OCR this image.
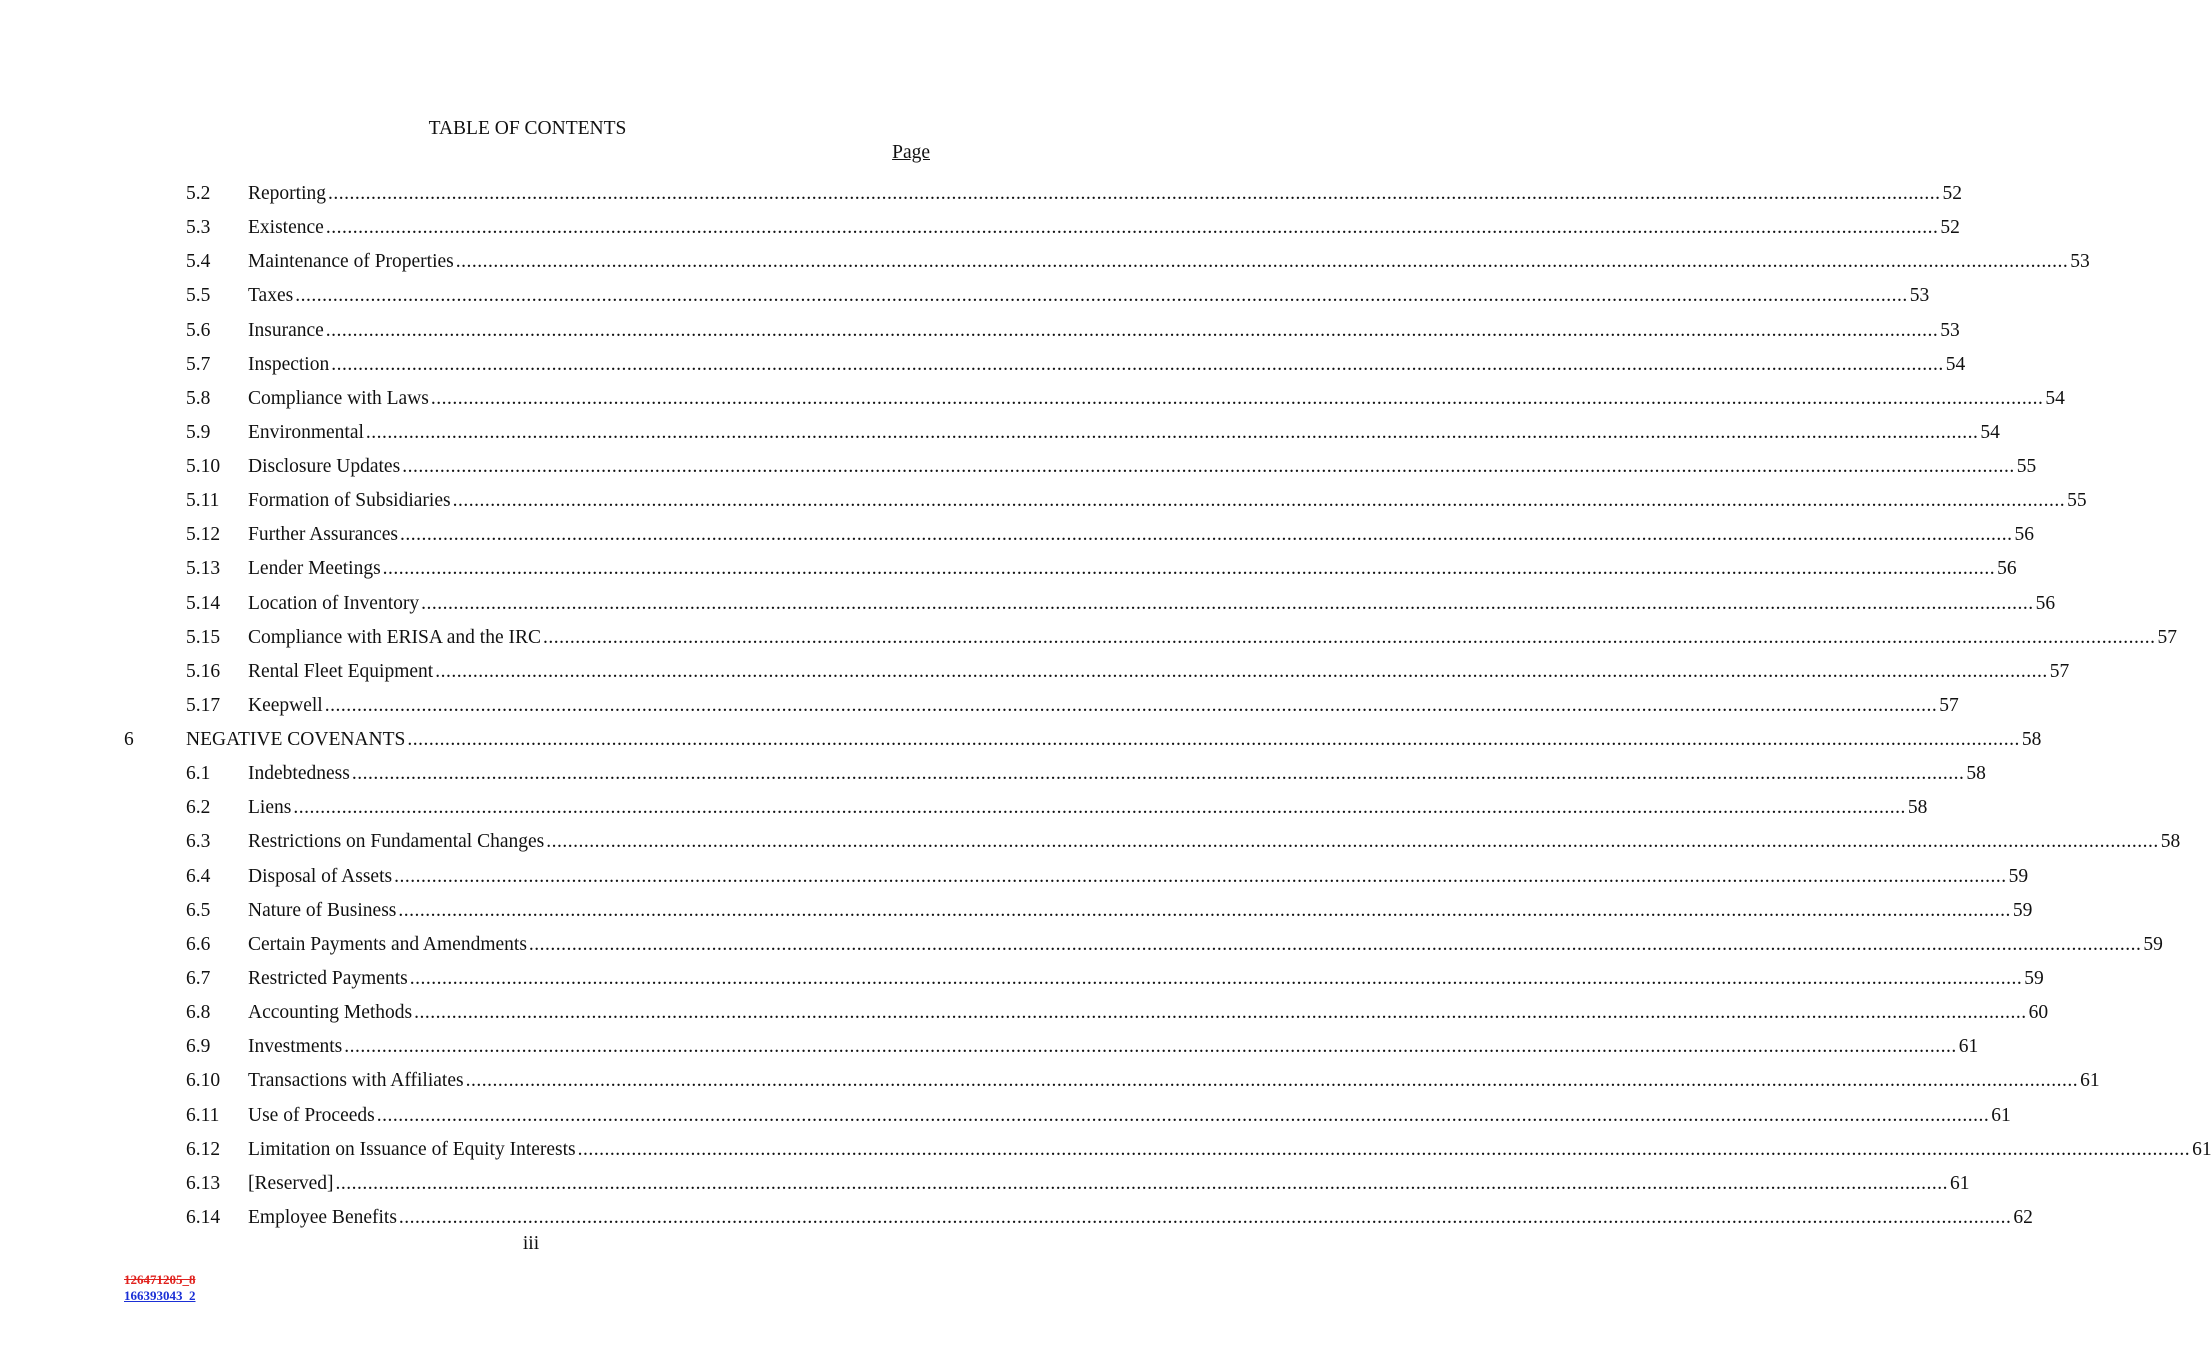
TABLE OF CONTENTS
Page
5.2 Reporting ............................................................................................................................................................................................................................................................................................................ 52
5.3 Existence ............................................................................................................................................................................................................................................................................................................ 52
5.4 Maintenance of Properties ............................................................................................................................................................................................................................................................................................................ 53
5.5 Taxes ............................................................................................................................................................................................................................................................................................................ 53
5.6 Insurance ............................................................................................................................................................................................................................................................................................................ 53
5.7 Inspection ............................................................................................................................................................................................................................................................................................................ 54
5.8 Compliance with Laws ............................................................................................................................................................................................................................................................................................................ 54
5.9 Environmental ............................................................................................................................................................................................................................................................................................................ 54
5.10 Disclosure Updates ............................................................................................................................................................................................................................................................................................................ 55
5.11 Formation of Subsidiaries ............................................................................................................................................................................................................................................................................................................ 55
5.12 Further Assurances ............................................................................................................................................................................................................................................................................................................ 56
5.13 Lender Meetings ............................................................................................................................................................................................................................................................................................................ 56
5.14 Location of Inventory ............................................................................................................................................................................................................................................................................................................ 56
5.15 Compliance with ERISA and the IRC ............................................................................................................................................................................................................................................................................................................ 57
5.16 Rental Fleet Equipment ............................................................................................................................................................................................................................................................................................................ 57
5.17 Keepwell ............................................................................................................................................................................................................................................................................................................ 57
6	NEGATIVE COVENANTS ............................................................................................................................................................................................................................................................................................................ 58
6.1 Indebtedness ............................................................................................................................................................................................................................................................................................................ 58
6.2 Liens ............................................................................................................................................................................................................................................................................................................ 58
6.3 Restrictions on Fundamental Changes ............................................................................................................................................................................................................................................................................................................ 58
6.4 Disposal of Assets ............................................................................................................................................................................................................................................................................................................ 59
6.5 Nature of Business ............................................................................................................................................................................................................................................................................................................ 59
6.6 Certain Payments and Amendments ............................................................................................................................................................................................................................................................................................................ 59
6.7 Restricted Payments ............................................................................................................................................................................................................................................................................................................ 59
6.8 Accounting Methods ............................................................................................................................................................................................................................................................................................................ 60
6.9 Investments ............................................................................................................................................................................................................................................................................................................ 61
6.10 Transactions with Affiliates ............................................................................................................................................................................................................................................................................................................ 61
6.11 Use of Proceeds ............................................................................................................................................................................................................................................................................................................ 61
6.12 Limitation on Issuance of Equity Interests ............................................................................................................................................................................................................................................................................................................ 61
6.13 [Reserved] ............................................................................................................................................................................................................................................................................................................ 61
6.14 Employee Benefits ............................................................................................................................................................................................................................................................................................................ 62
iii
126471205_8
166393043_2
